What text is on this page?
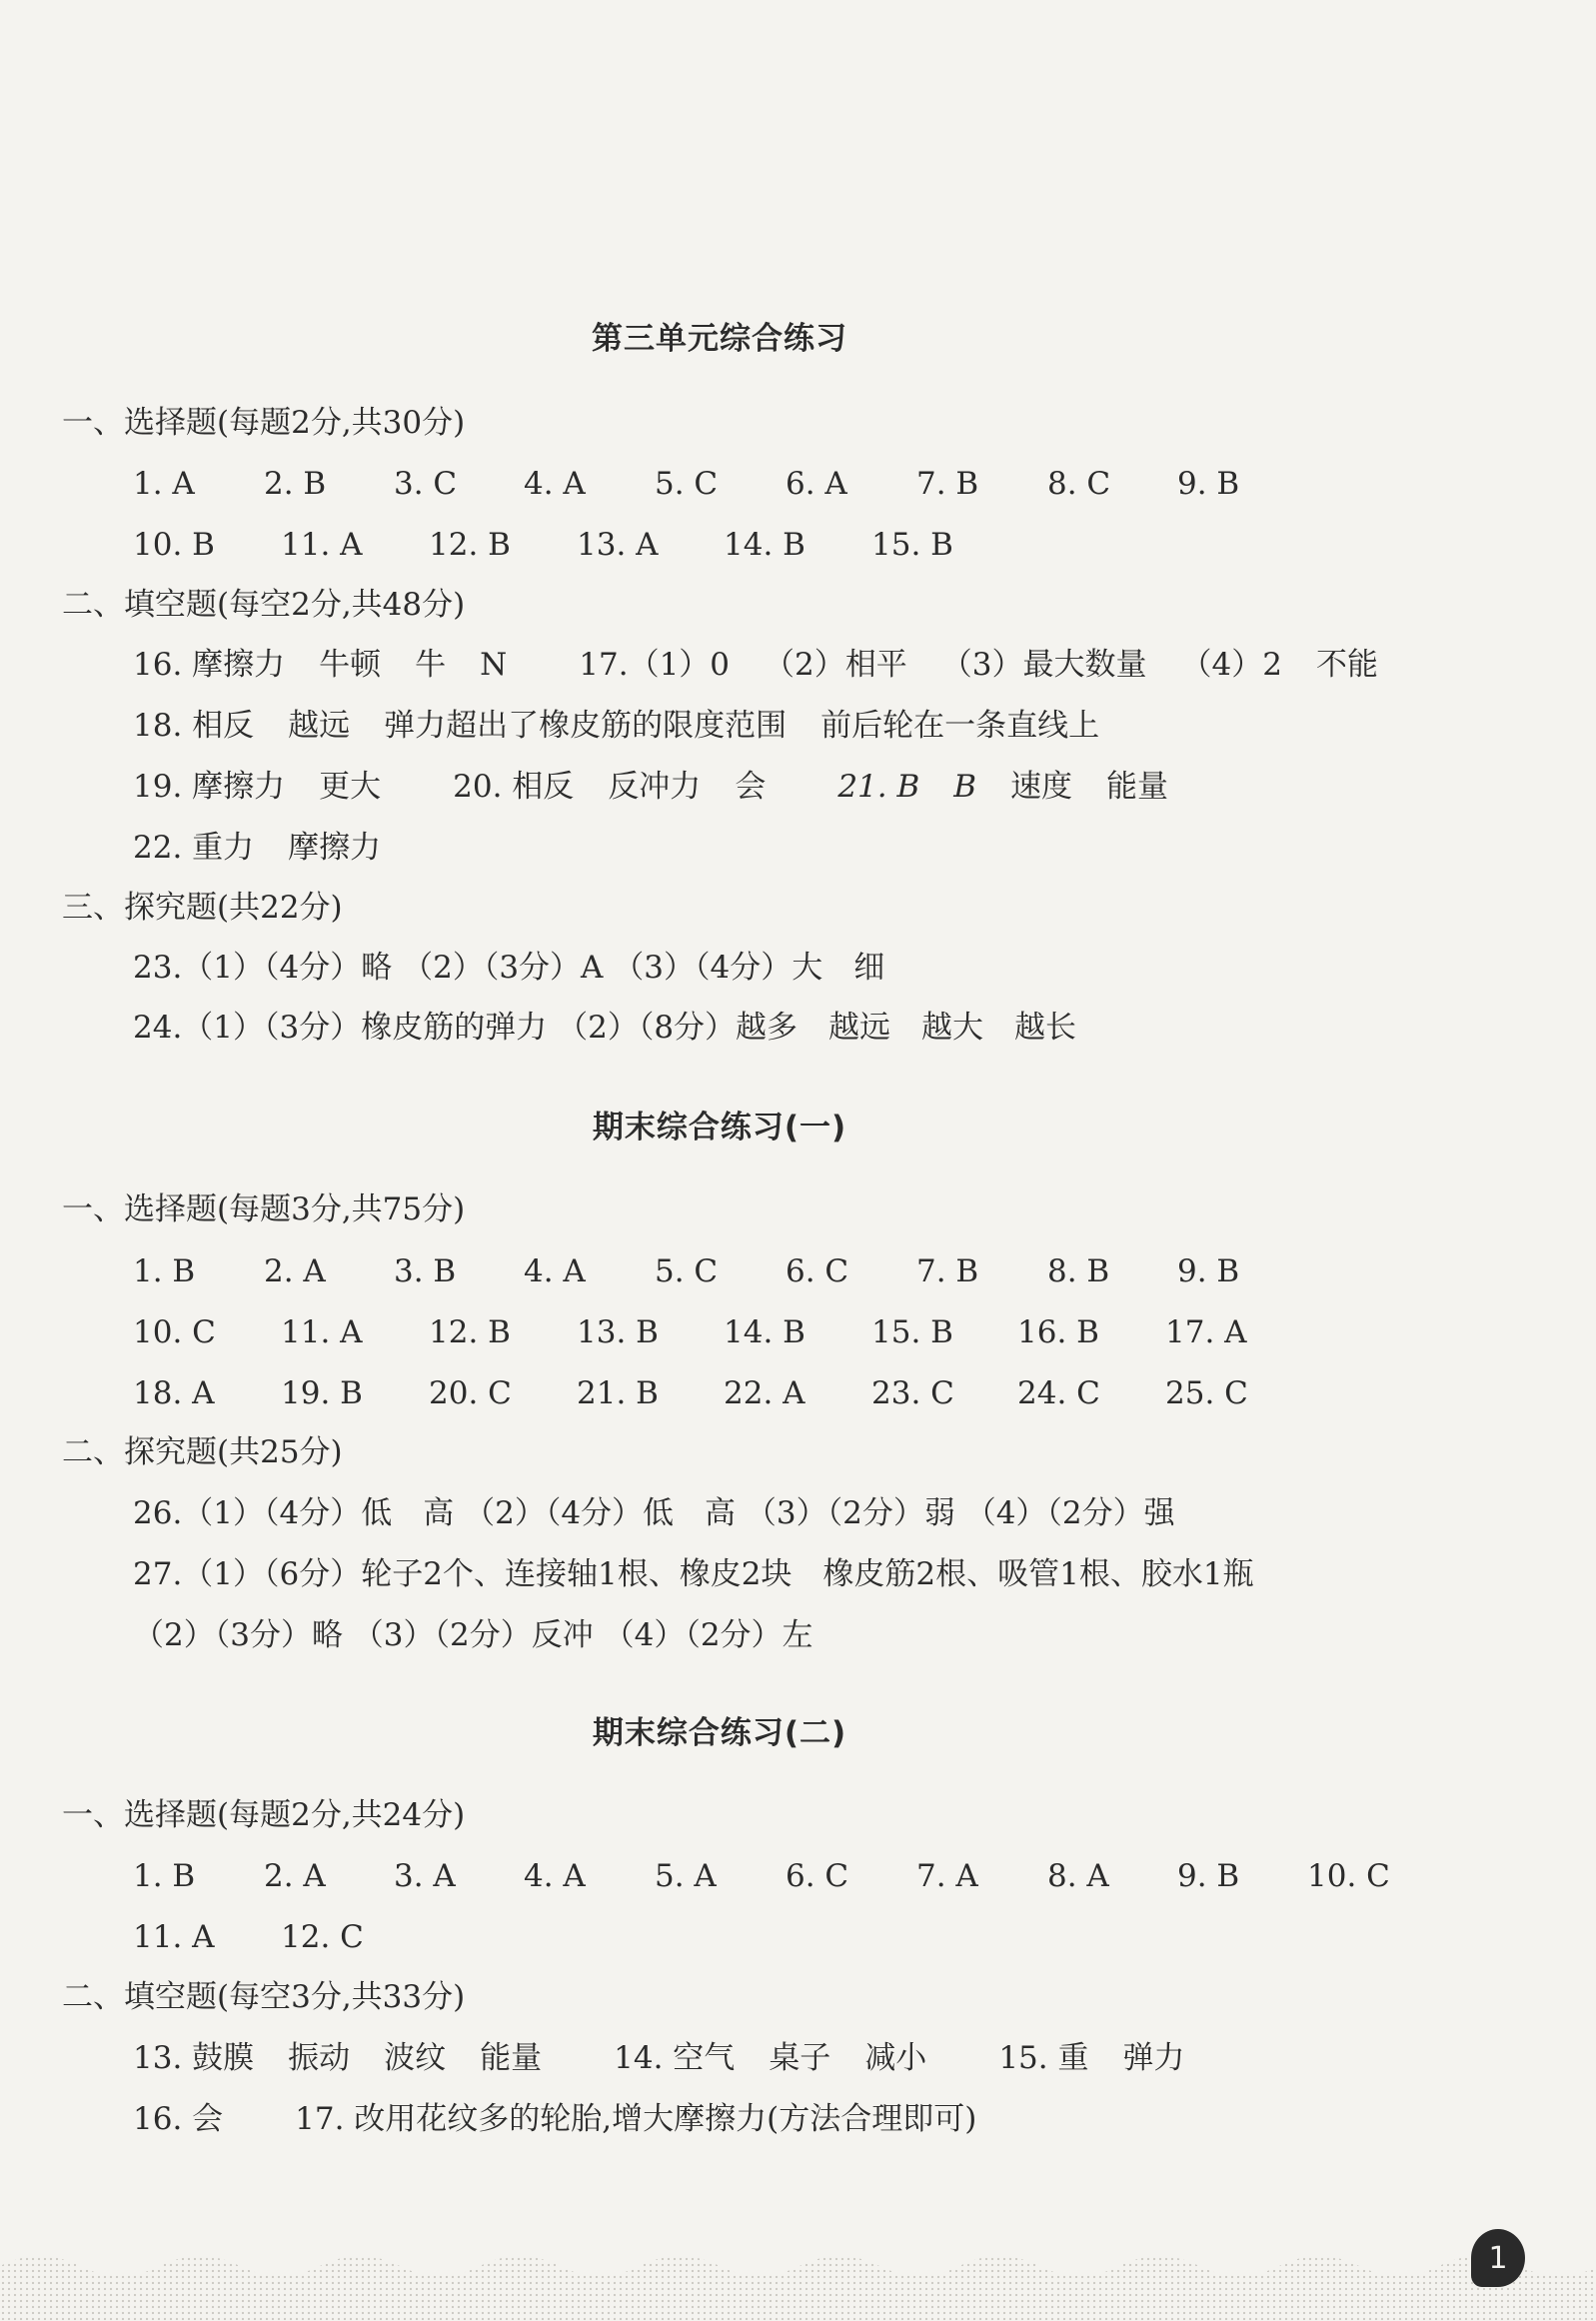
第三单元综合练习
一、选择题(每题2分,共30分)
1. A 2. B 3. C 4. A 5. C 6. A 7. B 8. C 9. B
10. B 11. A 12. B 13. A 14. B 15. B
二、填空题(每空2分,共48分)
16. 摩擦力 牛顿 牛 N 17.（1）0 （2）相平 （3）最大数量 （4）2 不能
18. 相反 越远 弹力超出了橡皮筋的限度范围 前后轮在一条直线上
19. 摩擦力 更大 20. 相反 反冲力 会 21. B B 速度 能量
22. 重力 摩擦力
三、探究题(共22分)
23.（1）（4分）略 （2）（3分）A （3）（4分）大　细
24.（1）（3分）橡皮筋的弹力 （2）（8分）越多　越远　越大　越长
期末综合练习(一)
一、选择题(每题3分,共75分)
1. B 2. A 3. B 4. A 5. C 6. C 7. B 8. B 9. B
10. C 11. A 12. B 13. B 14. B 15. B 16. B 17. A
18. A 19. B 20. C 21. B 22. A 23. C 24. C 25. C
二、探究题(共25分)
26.（1）（4分）低　高 （2）（4分）低　高 （3）（2分）弱 （4）（2分）强
27.（1）（6分）轮子2个、连接轴1根、橡皮2块　橡皮筋2根、吸管1根、胶水1瓶
（2）（3分）略 （3）（2分）反冲 （4）（2分）左
期末综合练习(二)
一、选择题(每题2分,共24分)
1. B 2. A 3. A 4. A 5. A 6. C 7. A 8. A 9. B 10. C
11. A 12. C
二、填空题(每空3分,共33分)
13. 鼓膜 振动 波纹 能量 14. 空气 桌子 减小 15. 重 弹力
16. 会 17. 改用花纹多的轮胎,增大摩擦力(方法合理即可)
1
